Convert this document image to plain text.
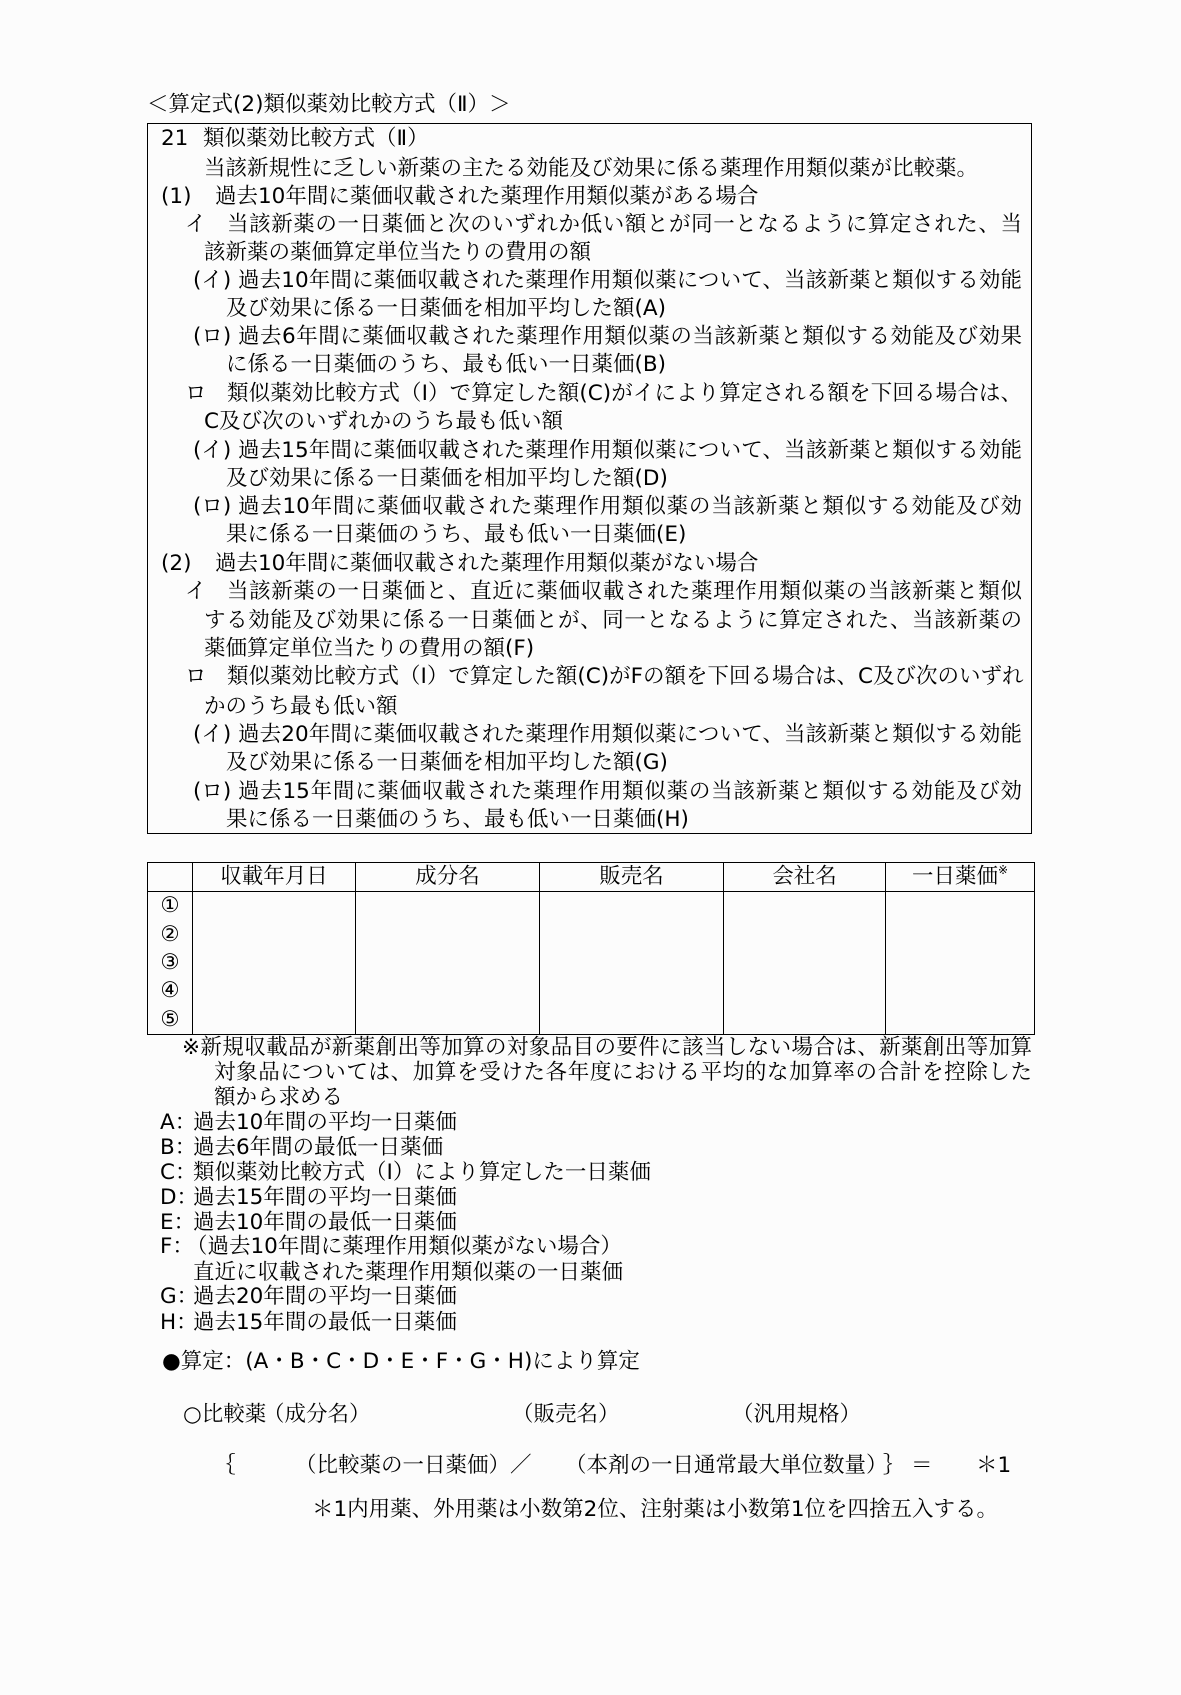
＜算定式(2)類似薬効比較方式（Ⅱ）＞
21 類似薬効比較方式（Ⅱ）
当該新規性に乏しい新薬の主たる効能及び効果に係る薬理作用類似薬が比較薬。
(1) 過去10年間に薬価収載された薬理作用類似薬がある場合
イ 当該新薬の一日薬価と次のいずれか低い額とが同一となるように算定された、当
該新薬の薬価算定単位当たりの費用の額
(イ) 過去10年間に薬価収載された薬理作用類似薬について、当該新薬と類似する効能
及び効果に係る一日薬価を相加平均した額(A)
(ロ) 過去6年間に薬価収載された薬理作用類似薬の当該新薬と類似する効能及び効果
に係る一日薬価のうち、最も低い一日薬価(B)
ロ 類似薬効比較方式（Ⅰ）で算定した額(C)がイにより算定される額を下回る場合は、
C及び次のいずれかのうち最も低い額
(イ) 過去15年間に薬価収載された薬理作用類似薬について、当該新薬と類似する効能
及び効果に係る一日薬価を相加平均した額(D)
(ロ) 過去10年間に薬価収載された薬理作用類似薬の当該新薬と類似する効能及び効
果に係る一日薬価のうち、最も低い一日薬価(E)
(2) 過去10年間に薬価収載された薬理作用類似薬がない場合
イ 当該新薬の一日薬価と、直近に薬価収載された薬理作用類似薬の当該新薬と類似
する効能及び効果に係る一日薬価とが、同一となるように算定された、当該新薬の
薬価算定単位当たりの費用の額(F)
ロ 類似薬効比較方式（Ⅰ）で算定した額(C)がFの額を下回る場合は、C及び次のいずれ
かのうち最も低い額
(イ) 過去20年間に薬価収載された薬理作用類似薬について、当該新薬と類似する効能
及び効果に係る一日薬価を相加平均した額(G)
(ロ) 過去15年間に薬価収載された薬理作用類似薬の当該新薬と類似する効能及び効
果に係る一日薬価のうち、最も低い一日薬価(H)
	収載年月日	成分名	販売名	会社名	一日薬価※
①					
②					
③					
④					
⑤					
※新規収載品が新薬創出等加算の対象品目の要件に該当しない場合は、新薬創出等加算
対象品については、加算を受けた各年度における平均的な加算率の合計を控除した
額から求める
A：
過去10年間の平均一日薬価
B：
過去6年間の最低一日薬価
C：
類似薬効比較方式（Ⅰ）により算定した一日薬価
D：
過去15年間の平均一日薬価
E：
過去10年間の最低一日薬価
F：
（過去10年間に薬理作用類似薬がない場合）
直近に収載された薬理作用類似薬の一日薬価
G：
過去20年間の平均一日薬価
H：
過去15年間の最低一日薬価
●算定：(A・B・C・D・E・F・G・H)により算定
○比較薬
（成分名）	（販売名）	（汎用規格）
｛	（比較薬の一日薬価）／ （本剤の一日通常最大単位数量）
｝ ＝ ＊1
＊1内用薬、外用薬は小数第2位、注射薬は小数第1位を四捨五入する。
